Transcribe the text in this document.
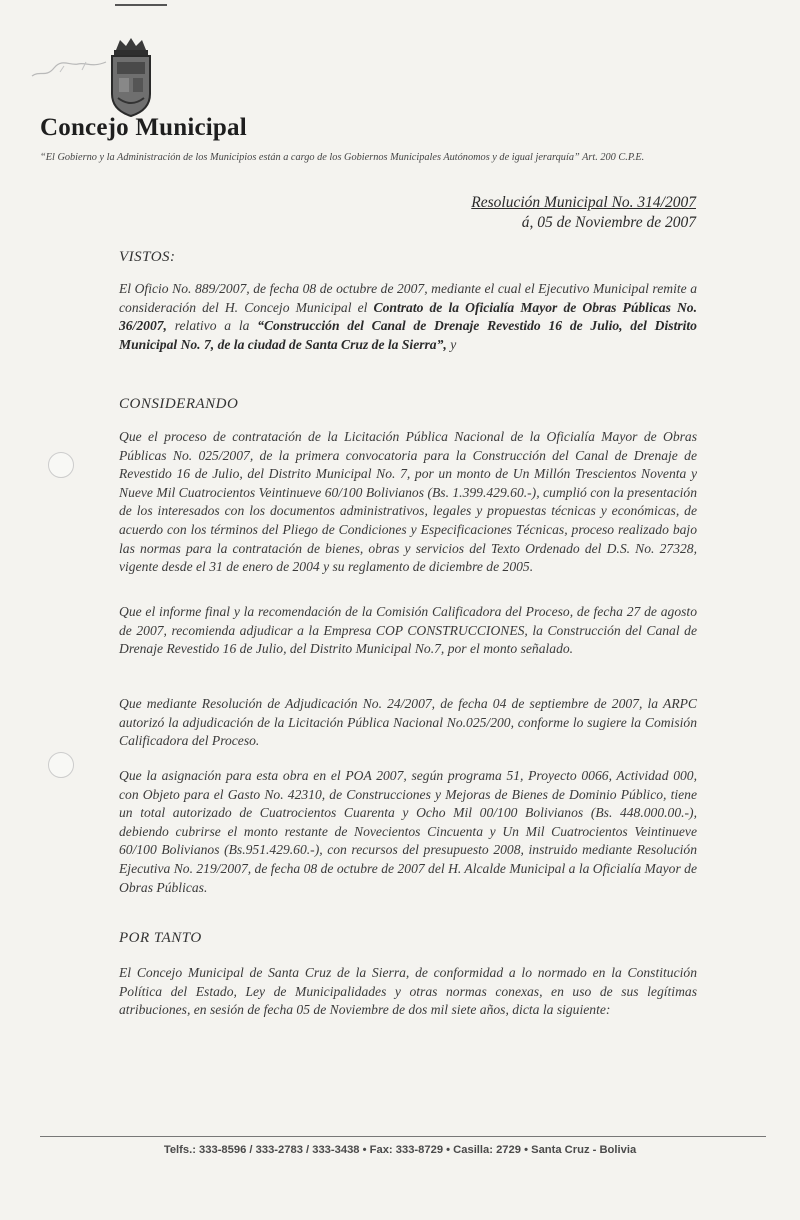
Concejo Municipal

“El Gobierno y la Administración de los Municipios están a cargo de los Gobiernos Municipales Autónomos y de igual jerarquía” Art. 200 C.P.E.

Resolución Municipal No. 314/2007
á, 05 de Noviembre de 2007
VISTOS:

El Oficio No. 889/2007, de fecha 08 de octubre de 2007, mediante el cual el Ejecutivo Municipal remite a consideración del H. Concejo Municipal el Contrato de la Oficialía Mayor de Obras Públicas No. 36/2007, relativo a la “Construcción del Canal de Drenaje Revestido 16 de Julio, del Distrito Municipal No. 7, de la ciudad de Santa Cruz de la Sierra”, y

CONSIDERANDO

Que el proceso de contratación de la Licitación Pública Nacional de la Oficialía Mayor de Obras Públicas No. 025/2007, de la primera convocatoria para la Construcción del Canal de Drenaje de Revestido 16 de Julio, del Distrito Municipal No. 7, por un monto de Un Millón Trescientos Noventa y Nueve Mil Cuatrocientos Veintinueve 60/100 Bolivianos (Bs. 1.399.429.60.-), cumplió con la presentación de los interesados con los documentos administrativos, legales y propuestas técnicas y económicas, de acuerdo con los términos del Pliego de Condiciones y Especificaciones Técnicas, proceso realizado bajo las normas para la contratación de bienes, obras y servicios del Texto Ordenado del D.S. No. 27328, vigente desde el 31 de enero de 2004 y su reglamento de diciembre de 2005.

Que el informe final y la recomendación de la Comisión Calificadora del Proceso, de fecha 27 de agosto de 2007, recomienda adjudicar a la Empresa COP CONSTRUCCIONES, la Construcción del Canal de Drenaje Revestido 16 de Julio, del Distrito Municipal No.7, por el monto señalado.

Que mediante Resolución de Adjudicación No. 24/2007, de fecha 04 de septiembre de 2007, la ARPC autorizó la adjudicación de la Licitación Pública Nacional No.025/200, conforme lo sugiere la Comisión Calificadora del Proceso.

Que la asignación para esta obra en el POA 2007, según programa 51, Proyecto 0066, Actividad 000, con Objeto para el Gasto No. 42310, de Construcciones y Mejoras de Bienes de Dominio Público, tiene un total autorizado de Cuatrocientos Cuarenta y Ocho Mil 00/100 Bolivianos (Bs. 448.000.00.-), debiendo cubrirse el monto restante de Novecientos Cincuenta y Un Mil Cuatrocientos Veintinueve 60/100 Bolivianos (Bs.951.429.60.-), con recursos del presupuesto 2008, instruido mediante Resolución Ejecutiva No. 219/2007, de fecha 08 de octubre de 2007 del H. Alcalde Municipal a la Oficialía Mayor de Obras Públicas.

POR TANTO

El Concejo Municipal de Santa Cruz de la Sierra, de conformidad a lo normado en la Constitución Política del Estado, Ley de Municipalidades y otras normas conexas, en uso de sus legítimas atribuciones, en sesión de fecha 05 de Noviembre de dos mil siete años, dicta la siguiente:

Telfs.: 333-8596 / 333-2783 / 333-3438 • Fax: 333-8729 • Casilla: 2729 • Santa Cruz - Bolivia
